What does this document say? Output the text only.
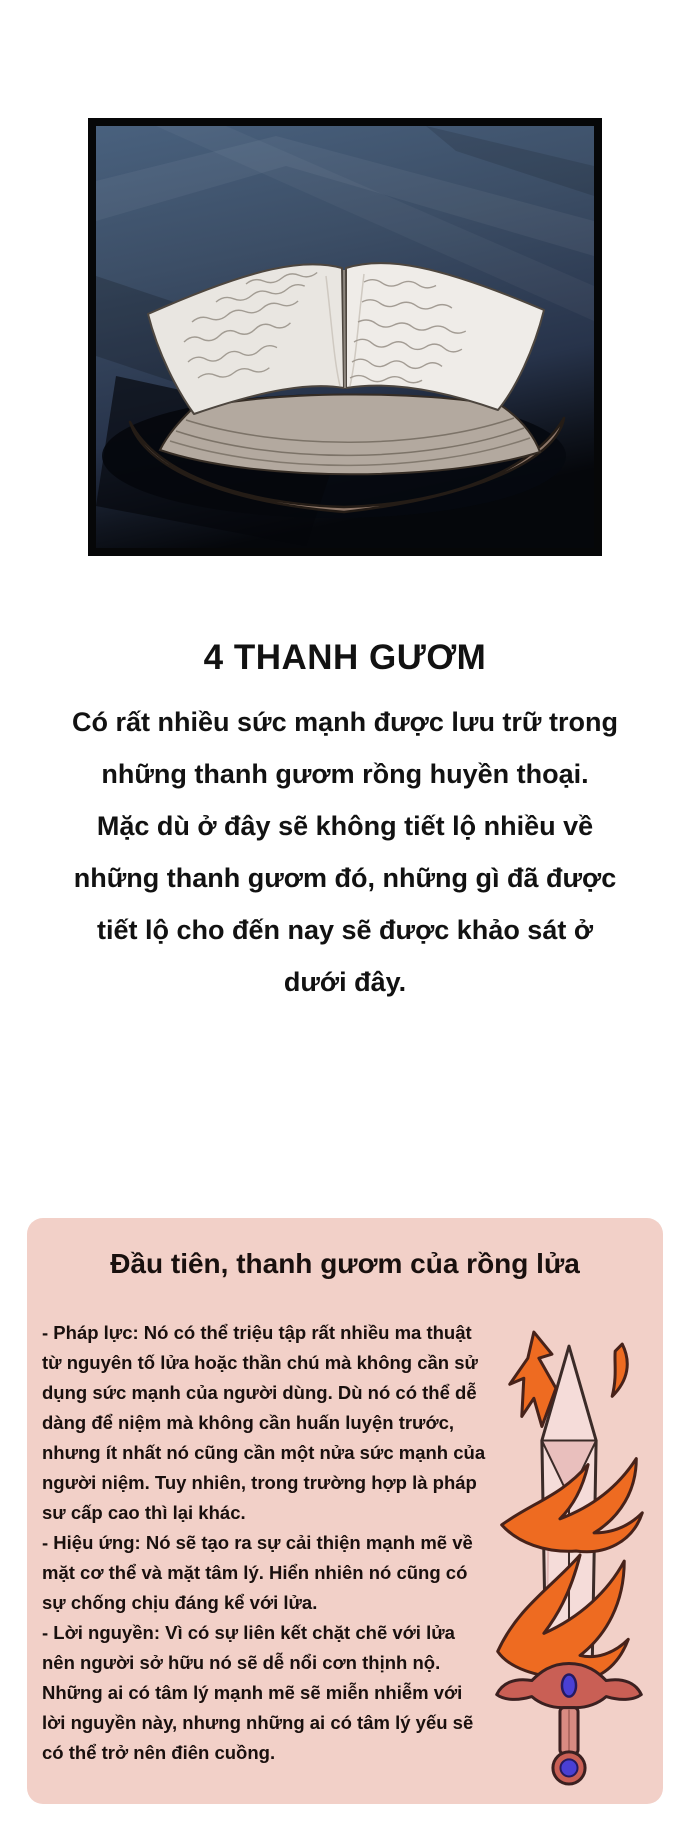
4 THANH GƯƠM

Có rất nhiều sức mạnh được lưu trữ trong những thanh gươm rồng huyền thoại.

Mặc dù ở đây sẽ không tiết lộ nhiều về những thanh gươm đó, những gì đã được tiết lộ cho đến nay sẽ được khảo sát ở dưới đây.

Đầu tiên, thanh gươm của rồng lửa

- Pháp lực: Nó có thể triệu tập rất nhiều ma thuật từ nguyên tố lửa hoặc thần chú mà không cần sử dụng sức mạnh của người dùng. Dù nó có thể dễ dàng để niệm mà không cần huấn luyện trước, nhưng ít nhất nó cũng cần một nửa sức mạnh của người niệm. Tuy nhiên, trong trường hợp là pháp sư cấp cao thì lại khác.

- Hiệu ứng: Nó sẽ tạo ra sự cải thiện mạnh mẽ về mặt cơ thể và mặt tâm lý. Hiển nhiên nó cũng có sự chống chịu đáng kể với lửa.

- Lời nguyền: Vì có sự liên kết chặt chẽ với lửa nên người sở hữu nó sẽ dễ nổi cơn thịnh nộ. Những ai có tâm lý mạnh mẽ sẽ miễn nhiễm với lời nguyền này, nhưng những ai có tâm lý yếu sẽ có thể trở nên điên cuồng.
